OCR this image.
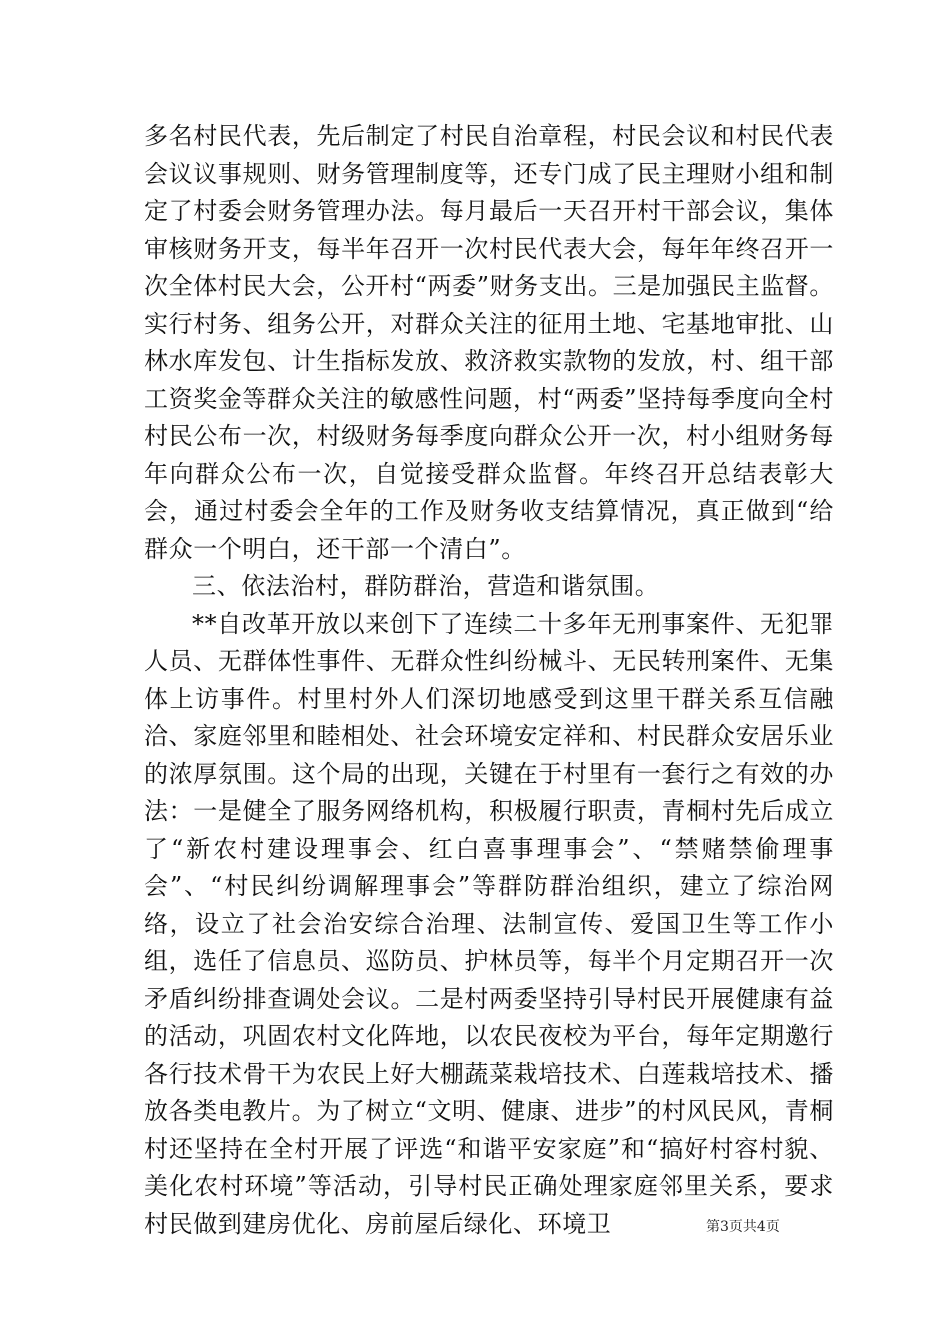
多名村民代表，先后制定了村民自治章程，村民会议和村民代表会议议事规则、财务管理制度等，还专门成了民主理财小组和制定了村委会财务管理办法。每月最后一天召开村干部会议，集体审核财务开支，每半年召开一次村民代表大会，每年年终召开一次全体村民大会，公开村“两委”财务支出。三是加强民主监督。实行村务、组务公开，对群众关注的征用土地、宅基地审批、山林水库发包、计生指标发放、救济救实款物的发放，村、组干部工资奖金等群众关注的敏感性问题，村“两委”坚持每季度向全村村民公布一次，村级财务每季度向群众公开一次，村小组财务每年向群众公布一次，自觉接受群众监督。年终召开总结表彰大会，通过村委会全年的工作及财务收支结算情况，真正做到“给群众一个明白，还干部一个清白”。

三、依法治村，群防群治，营造和谐氛围。

**自改革开放以来创下了连续二十多年无刑事案件、无犯罪人员、无群体性事件、无群众性纠纷械斗、无民转刑案件、无集体上访事件。村里村外人们深切地感受到这里干群关系互信融洽、家庭邻里和睦相处、社会环境安定祥和、村民群众安居乐业的浓厚氛围。这个局的出现，关键在于村里有一套行之有效的办法：一是健全了服务网络机构，积极履行职责，青桐村先后成立了“新农村建设理事会、红白喜事理事会”、“禁赌禁偷理事会”、“村民纠纷调解理事会”等群防群治组织，建立了综治网络，设立了社会治安综合治理、法制宣传、爱国卫生等工作小组，选任了信息员、巡防员、护林员等，每半个月定期召开一次矛盾纠纷排查调处会议。二是村两委坚持引导村民开展健康有益的活动，巩固农村文化阵地，以农民夜校为平台，每年定期邀行各行技术骨干为农民上好大棚蔬菜栽培技术、白莲栽培技术、播放各类电教片。为了树立“文明、健康、进步”的村风民风，青桐村还坚持在全村开展了评选“和谐平安家庭”和“搞好村容村貌、美化农村环境”等活动，引导村民正确处理家庭邻里关系，要求村民做到建房优化、房前屋后绿化、环境卫	第3页共4页
